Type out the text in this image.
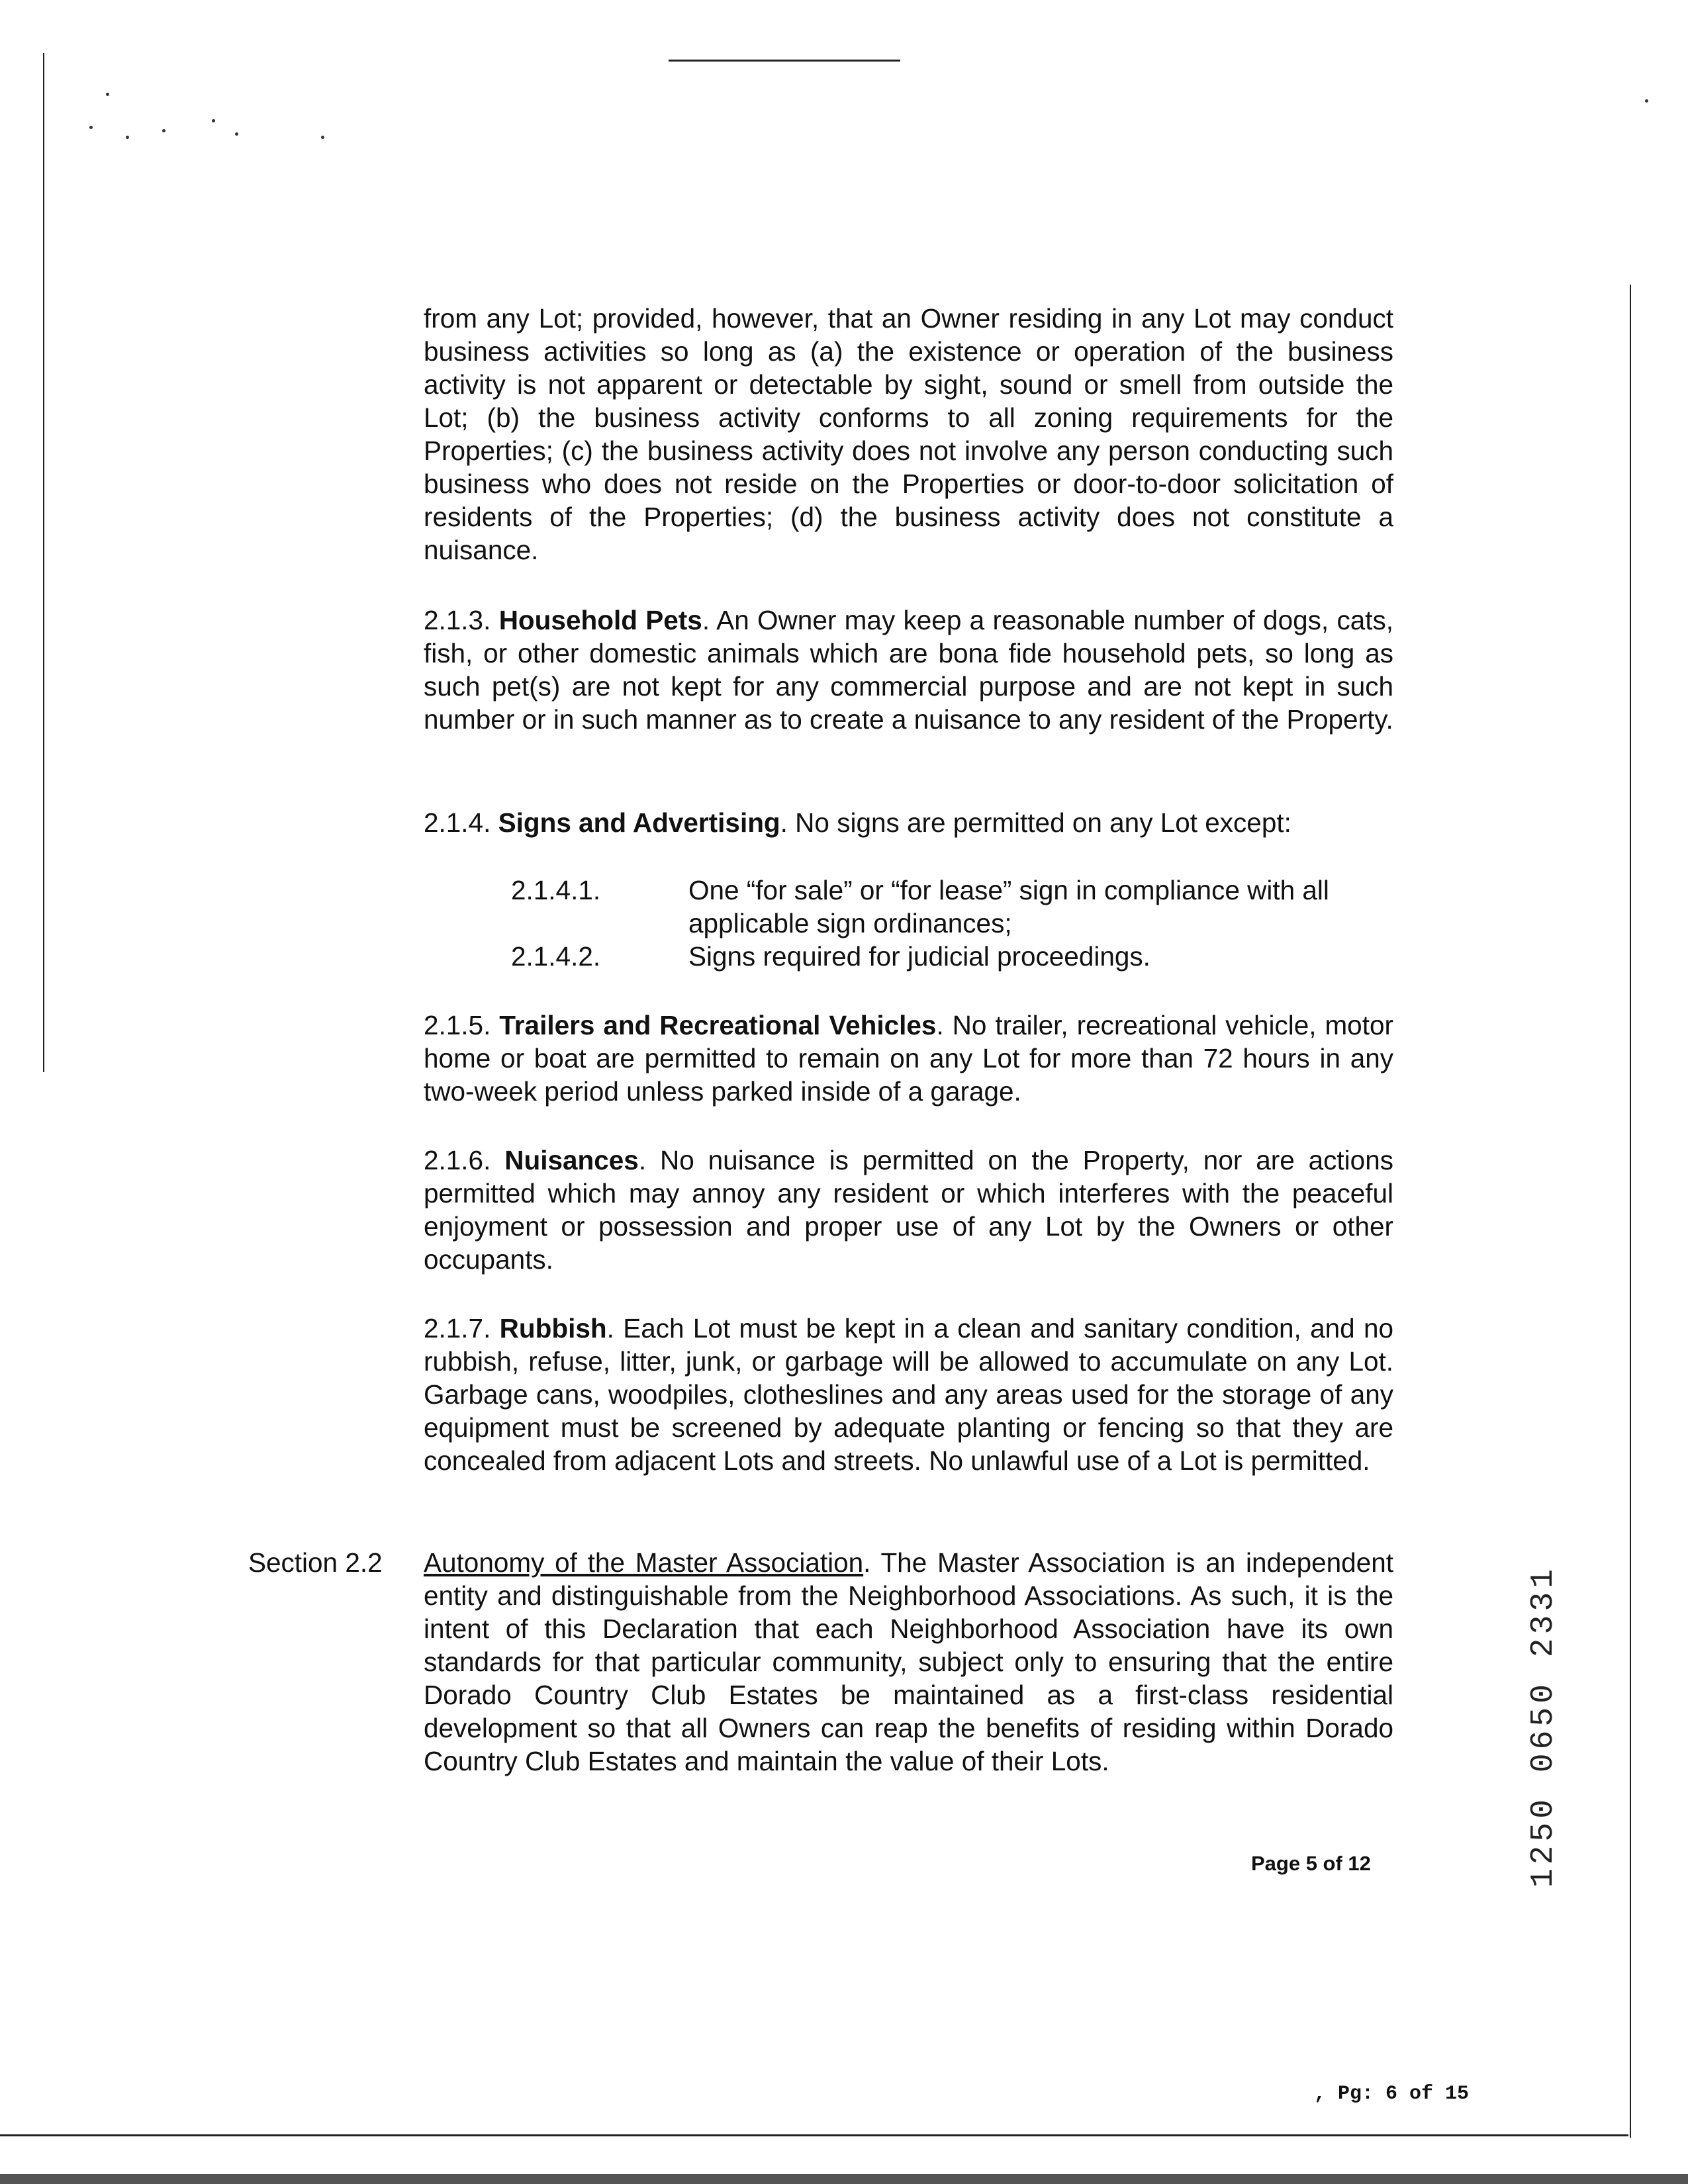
from any Lot; provided, however, that an Owner residing in any Lot may conduct business activities so long as (a) the existence or operation of the business activity is not apparent or detectable by sight, sound or smell from outside the Lot; (b) the business activity conforms to all zoning requirements for the Properties; (c) the business activity does not involve any person conducting such business who does not reside on the Properties or door-to-door solicitation of residents of the Properties; (d) the business activity does not constitute a nuisance.
2.1.3. Household Pets. An Owner may keep a reasonable number of dogs, cats, fish, or other domestic animals which are bona fide household pets, so long as such pet(s) are not kept for any commercial purpose and are not kept in such number or in such manner as to create a nuisance to any resident of the Property.
2.1.4. Signs and Advertising. No signs are permitted on any Lot except:
2.1.4.1.	One “for sale” or “for lease” sign in compliance with all applicable sign ordinances;
2.1.4.2.	Signs required for judicial proceedings.
2.1.5. Trailers and Recreational Vehicles. No trailer, recreational vehicle, motor home or boat are permitted to remain on any Lot for more than 72 hours in any two-week period unless parked inside of a garage.
2.1.6. Nuisances. No nuisance is permitted on the Property, nor are actions permitted which may annoy any resident or which interferes with the peaceful enjoyment or possession and proper use of any Lot by the Owners or other occupants.
2.1.7. Rubbish. Each Lot must be kept in a clean and sanitary condition, and no rubbish, refuse, litter, junk, or garbage will be allowed to accumulate on any Lot. Garbage cans, woodpiles, clotheslines and any areas used for the storage of any equipment must be screened by adequate planting or fencing so that they are concealed from adjacent Lots and streets. No unlawful use of a Lot is permitted.
Section 2.2 Autonomy of the Master Association. The Master Association is an independent entity and distinguishable from the Neighborhood Associations. As such, it is the intent of this Declaration that each Neighborhood Association have its own standards for that particular community, subject only to ensuring that the entire Dorado Country Club Estates be maintained as a first-class residential development so that all Owners can reap the benefits of residing within Dorado Country Club Estates and maintain the value of their Lots.
Page 5 of 12
, Pg: 6 of 15
1250 0650 2331
